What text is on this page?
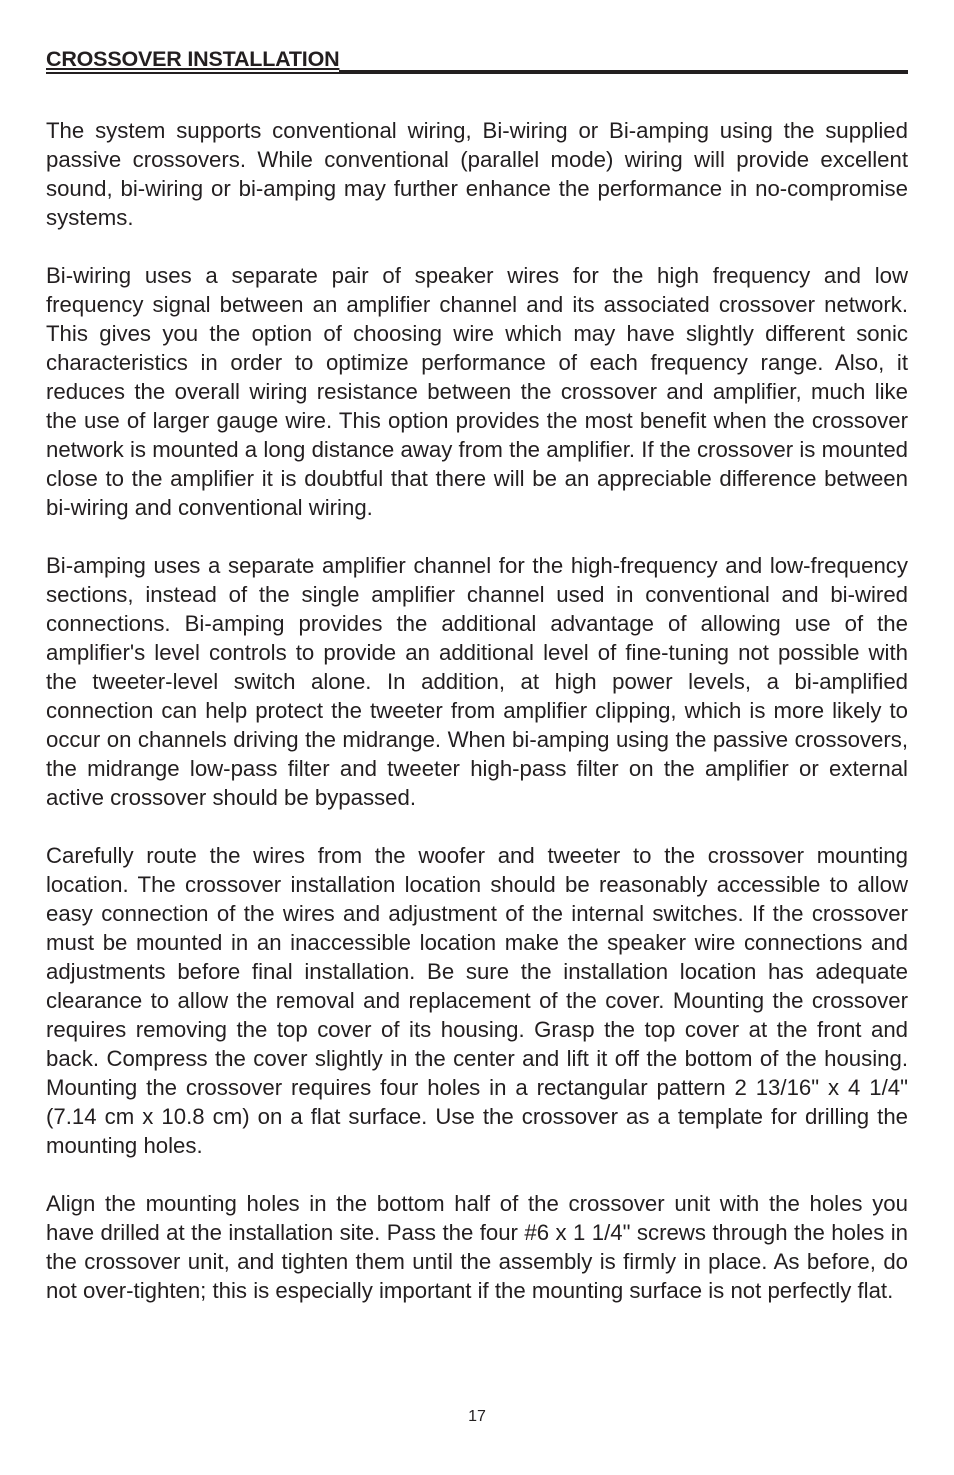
CROSSOVER INSTALLATION

The system supports conventional wiring, Bi-wiring or Bi-amping using the supplied passive crossovers. While conventional (parallel mode) wiring will provide excellent sound, bi-wiring or bi-amping may further enhance the performance in no-compromise systems.

Bi-wiring uses a separate pair of speaker wires for the high frequency and low frequency signal between an amplifier channel and its associated crossover network. This gives you the option of choosing wire which may have slightly different sonic characteristics in order to optimize performance of each frequency range. Also, it reduces the overall wiring resistance between the crossover and amplifier, much like the use of larger gauge wire. This option provides the most benefit when the crossover network is mounted a long distance away from the amplifier. If the crossover is mounted close to the amplifier it is doubtful that there will be an appreciable difference between bi-wiring and conventional wiring.

Bi-amping uses a separate amplifier channel for the high-frequency and low-frequency sections, instead of the single amplifier channel used in conventional and bi-wired connections. Bi-amping provides the additional advantage of allowing use of the amplifier's level controls to provide an additional level of fine-tuning not possible with the tweeter-level switch alone. In addition, at high power levels, a bi-amplified connection can help protect the tweeter from amplifier clipping, which is more likely to occur on channels driving the midrange. When bi-amping using the passive crossovers, the midrange low-pass filter and tweeter high-pass filter on the amplifier or external active crossover should be bypassed.

Carefully route the wires from the woofer and tweeter to the crossover mounting location. The crossover installation location should be reasonably accessible to allow easy connection of the wires and adjustment of the internal switches. If the crossover must be mounted in an inaccessible location make the speaker wire connections and adjustments before final installation. Be sure the installation location has adequate clearance to allow the removal and replacement of the cover. Mounting the crossover requires removing the top cover of its housing. Grasp the top cover at the front and back. Compress the cover slightly in the center and lift it off the bottom of the housing. Mounting the crossover requires four holes in a rectangular pattern 2 13/16" x 4 1/4" (7.14 cm x 10.8 cm) on a flat surface. Use the crossover as a template for drilling the mounting holes.

Align the mounting holes in the bottom half of the crossover unit with the holes you have drilled at the installation site. Pass the four #6 x 1 1/4" screws through the holes in the crossover unit, and tighten them until the assembly is firmly in place. As before, do not over-tighten; this is especially important if the mounting surface is not perfectly flat.

17
